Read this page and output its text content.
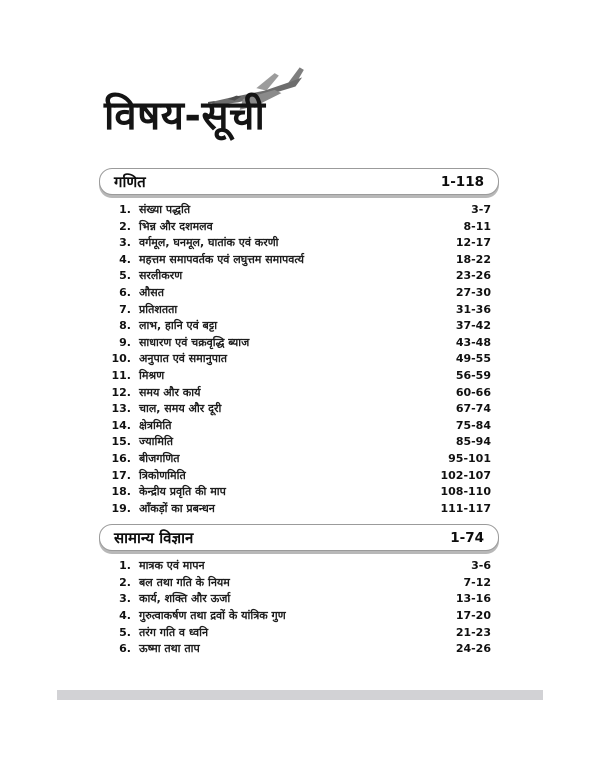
विषय-सूची
गणित	1-118
1. संख्या पद्धति	3-7
2. भिन्न और दशमलव	8-11
3. वर्गमूल, घनमूल, घातांक एवं करणी	12-17
4. महत्तम समापवर्तक एवं लघुत्तम समापवर्त्य	18-22
5. सरलीकरण	23-26
6. औसत	27-30
7. प्रतिशतता	31-36
8. लाभ, हानि एवं बट्टा	37-42
9. साधारण एवं चक्रवृद्धि ब्याज	43-48
10. अनुपात एवं समानुपात	49-55
11. मिश्रण	56-59
12. समय और कार्य	60-66
13. चाल, समय और दूरी	67-74
14. क्षेत्रमिति	75-84
15. ज्यामिति	85-94
16. बीजगणित	95-101
17. त्रिकोणमिति	102-107
18. केन्द्रीय प्रवृति की माप	108-110
19. आँकड़ों का प्रबन्धन	111-117
सामान्य विज्ञान	1-74
1. मात्रक एवं मापन	3-6
2. बल तथा गति के नियम	7-12
3. कार्य, शक्ति और ऊर्जा	13-16
4. गुरुत्वाकर्षण तथा द्रवों के यांत्रिक गुण	17-20
5. तरंग गति व ध्वनि	21-23
6. ऊष्मा तथा ताप	24-26
